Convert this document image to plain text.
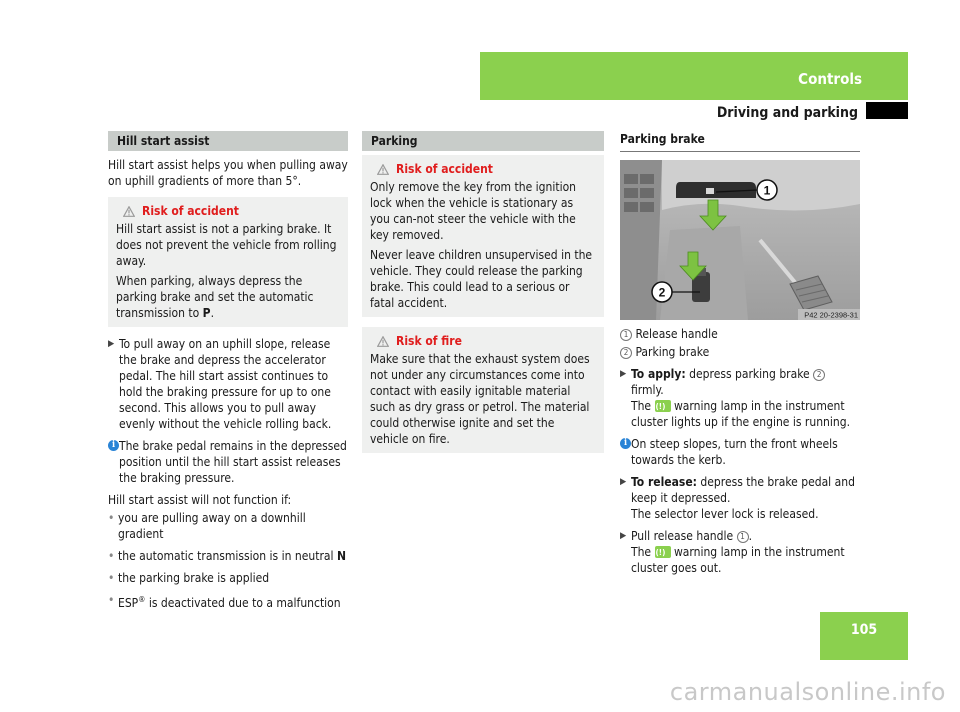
Controls
Driving and parking
Hill start assist

Hill start assist helps you when pulling away on uphill gradients of more than 5°.

Risk of accident

Hill start assist is not a parking brake. It does not prevent the vehicle from rolling away.

When parking, always depress the parking brake and set the automatic transmission to P.

▶ To pull away on an uphill slope, release the brake and depress the accelerator pedal. The hill start assist continues to hold the braking pressure for up to one second. This allows you to pull away evenly without the vehicle rolling back.
i The brake pedal remains in the depressed position until the hill start assist releases the braking pressure.

Hill start assist will not function if:

• you are pulling away on a downhill gradient
• the automatic transmission is in neutral N
• the parking brake is applied
• ESP® is deactivated due to a malfunction
Parking
Risk of accident

Only remove the key from the ignition lock when the vehicle is stationary as you can-not steer the vehicle with the key removed.

Never leave children unsupervised in the vehicle. They could release the parking brake. This could lead to a serious or fatal accident.

Risk of fire

Make sure that the exhaust system does not under any circumstances come into contact with easily ignitable material such as dry grass or petrol. The material could otherwise ignite and set the vehicle on fire.

Parking brake
1
2
P42 20-2398-31

1 Release handle

2 Parking brake

▶ To apply: depress parking brake 2 firmly.
The (!) warning lamp in the instrument cluster lights up if the engine is running.
i On steep slopes, turn the front wheels towards the kerb.
▶ To release: depress the brake pedal and keep it depressed.
The selector lever lock is released.
▶ Pull release handle 1 .
The (!) warning lamp in the instrument cluster goes out.
105
carmanualsonline.info
